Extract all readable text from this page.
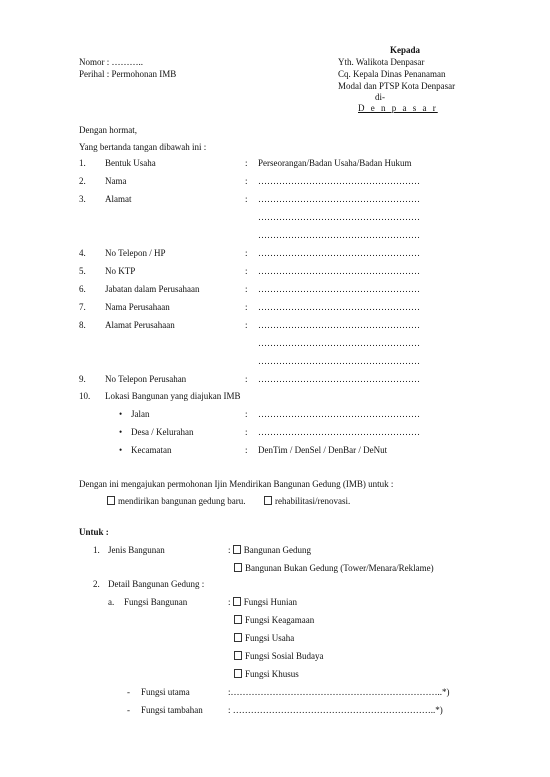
Nomor : ………..
Perihal : Permohonan IMB
Kepada
Yth. Walikota Denpasar
Cq. Kepala Dinas Penanaman
Modal dan PTSP Kota Denpasar
di-
D e n p a s a r
Dengan hormat,
Yang bertanda tangan dibawah ini :
1. Bentuk Usaha	: Perseorangan/Badan Usaha/Badan Hukum
2. Nama	: ………………………………………………
3. Alamat	: ………………………………………………
………………………………………………
………………………………………………
4. No Telepon / HP	: ………………………………………………
5. No KTP	: ………………………………………………
6. Jabatan dalam Perusahaan	: ………………………………………………
7. Nama Perusahaan	: ………………………………………………
8. Alamat Perusahaan	: ………………………………………………
………………………………………………
………………………………………………
9. No Telepon Perusahan	: ………………………………………………
10. Lokasi Bangunan yang diajukan IMB
• Jalan	: ………………………………………………
• Desa / Kelurahan	: ………………………………………………
• Kecamatan	: DenTim / DenSel / DenBar / DeNut
Dengan ini mengajukan permohonan Ijin Mendirikan Bangunan Gedung (IMB) untuk :
mendirikan bangunan gedung baru.	rehabilitasi/renovasi.
Untuk :
1. Jenis Bangunan	: Bangunan Gedung
Bangunan Bukan Gedung (Tower/Menara/Reklame)
2. Detail Bangunan Gedung :
a. Fungsi Bangunan	: Fungsi Hunian
Fungsi Keagamaan
Fungsi Usaha
Fungsi Sosial Budaya
Fungsi Khusus
- Fungsi utama	:……………………………………………………………..*)
- Fungsi tambahan	: …………………………………………………………..*)
